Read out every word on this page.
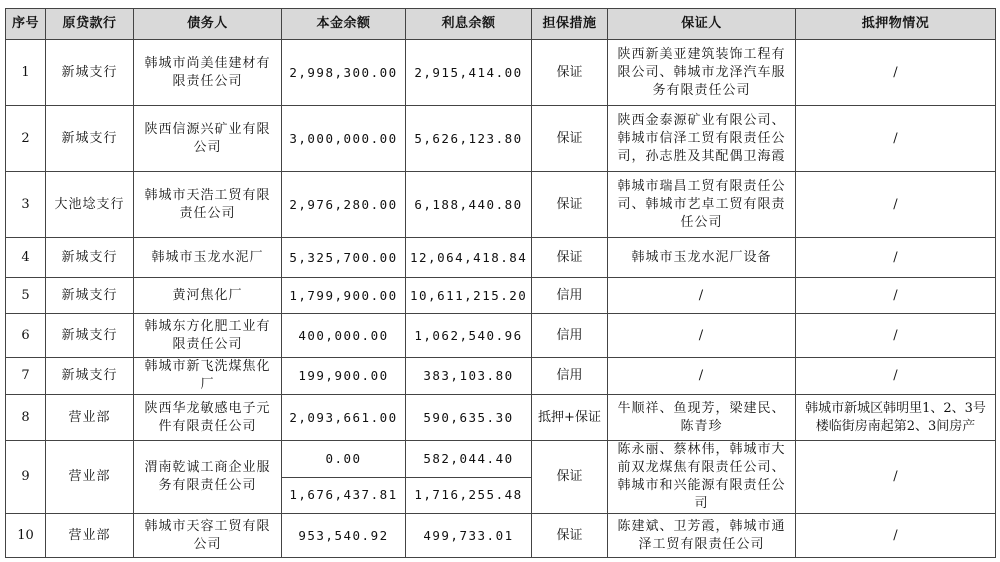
序号	原贷款行	债务人	本金余额	利息余额	担保措施	保证人	抵押物情况
1	新城支行	韩城市尚美佳建材有限责任公司	2,998,300.00	2,915,414.00	保证	陕西新美亚建筑装饰工程有限公司、韩城市龙泽汽车服务有限责任公司	/
2	新城支行	陕西信源兴矿业有限公司	3,000,000.00	5,626,123.80	保证	陕西金泰源矿业有限公司、韩城市信泽工贸有限责任公司，孙志胜及其配偶卫海霞	/
3	大池埝支行	韩城市天浩工贸有限责任公司	2,976,280.00	6,188,440.80	保证	韩城市瑞昌工贸有限责任公司、韩城市艺卓工贸有限责任公司	/
4	新城支行	韩城市玉龙水泥厂	5,325,700.00	12,064,418.84	保证	韩城市玉龙水泥厂设备	/
5	新城支行	黄河焦化厂	1,799,900.00	10,611,215.20	信用	/	/
6	新城支行	韩城东方化肥工业有限责任公司	400,000.00	1,062,540.96	信用	/	/
7	新城支行	韩城市新飞洗煤焦化厂	199,900.00	383,103.80	信用	/	/
8	营业部	陕西华龙敏感电子元件有限责任公司	2,093,661.00	590,635.30	抵押+保证	牛顺祥、鱼现芳，梁建民、陈青珍	韩城市新城区韩明里1、2、3号楼临街房南起第2、3间房产
9	营业部	渭南乾诚工商企业服务有限责任公司	0.00	582,044.40	保证	陈永丽、蔡林伟，韩城市大前双龙煤焦有限责任公司、韩城市和兴能源有限责任公司	/
			1,676,437.81	1,716,255.48			
10	营业部	韩城市天容工贸有限公司	953,540.92	499,733.01	保证	陈建斌、卫芳霞，韩城市通泽工贸有限责任公司	/
